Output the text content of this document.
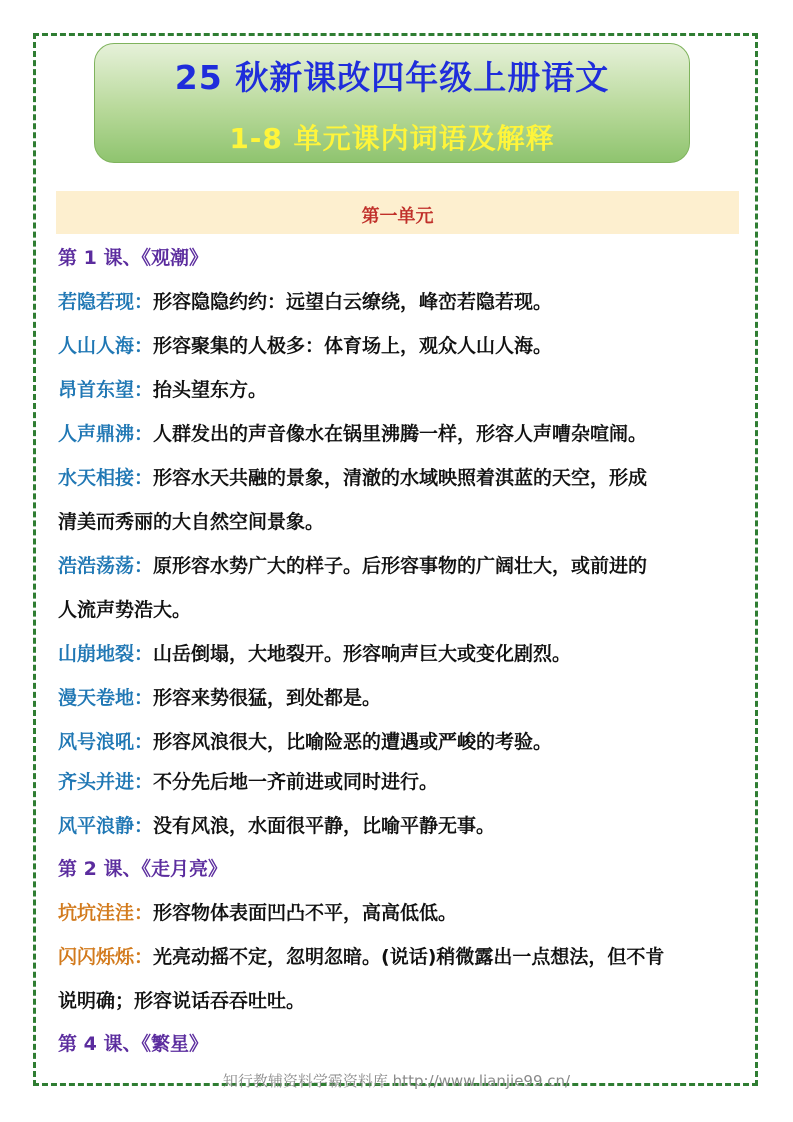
25 秋新课改四年级上册语文
1-8 单元课内词语及解释
第一单元
第 1 课、《观潮》
若隐若现：形容隐隐约约：远望白云缭绕，峰峦若隐若现。
人山人海：形容聚集的人极多：体育场上，观众人山人海。
昂首东望：抬头望东方。
人声鼎沸：人群发出的声音像水在锅里沸腾一样，形容人声嘈杂喧闹。
水天相接：形容水天共融的景象，清澈的水域映照着淇蓝的天空，形成
清美而秀丽的大自然空间景象。
浩浩荡荡：原形容水势广大的样子。后形容事物的广阔壮大，或前进的
人流声势浩大。
山崩地裂：山岳倒塌，大地裂开。形容响声巨大或变化剧烈。
漫天卷地：形容来势很猛，到处都是。
风号浪吼：形容风浪很大，比喻险恶的遭遇或严峻的考验。
齐头并进：不分先后地一齐前进或同时进行。
风平浪静：没有风浪，水面很平静，比喻平静无事。
第 2 课、《走月亮》
坑坑洼洼：形容物体表面凹凸不平，高高低低。
闪闪烁烁：光亮动摇不定，忽明忽暗。(说话)稍微露出一点想法，但不肯
说明确；形容说话吞吞吐吐。
第 4 课、《繁星》
知行教辅资料学霸资料库 http://www.lianjie99.cn/
